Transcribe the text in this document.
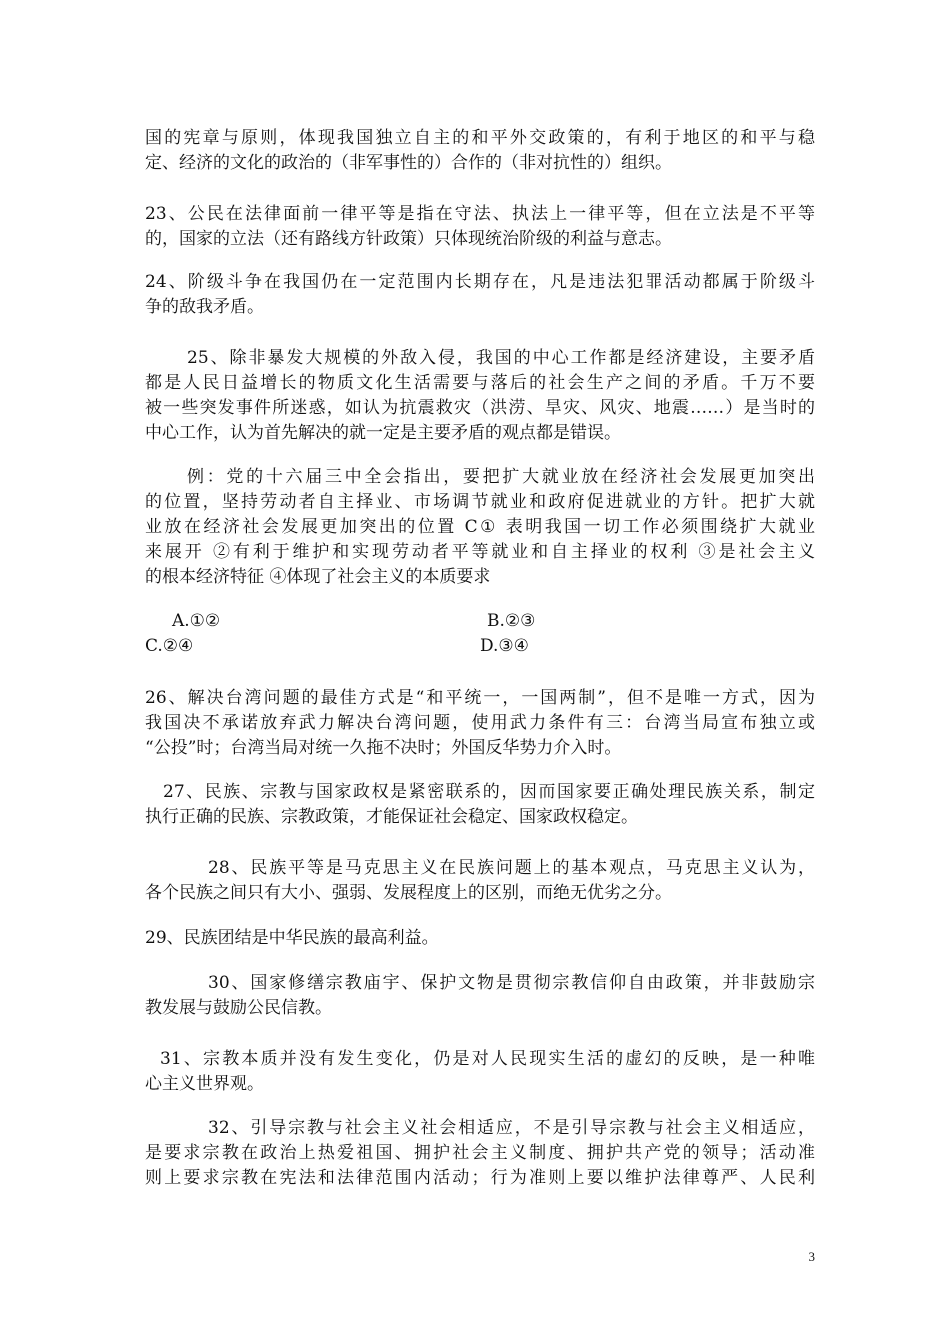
国的宪章与原则，体现我国独立自主的和平外交政策的，有利于地区的和平与稳
定、经济的文化的政治的（非军事性的）合作的（非对抗性的）组织。
23、公民在法律面前一律平等是指在守法、执法上一律平等，但在立法是不平等
的，国家的立法（还有路线方针政策）只体现统治阶级的利益与意志。
24、阶级斗争在我国仍在一定范围内长期存在，凡是违法犯罪活动都属于阶级斗
争的敌我矛盾。
25、除非暴发大规模的外敌入侵，我国的中心工作都是经济建设，主要矛盾
都是人民日益增长的物质文化生活需要与落后的社会生产之间的矛盾。千万不要
被一些突发事件所迷惑，如认为抗震救灾（洪涝、旱灾、风灾、地震……）是当时的
中心工作，认为首先解决的就一定是主要矛盾的观点都是错误。
例：党的十六届三中全会指出，要把扩大就业放在经济社会发展更加突出
的位置，坚持劳动者自主择业、市场调节就业和政府促进就业的方针。把扩大就
业放在经济社会发展更加突出的位置 C① 表明我国一切工作必须围绕扩大就业
来展开 ②有利于维护和实现劳动者平等就业和自主择业的权利 ③是社会主义
的根本经济特征 ④体现了社会主义的本质要求
A.①②	B.②③
C.②④	D.③④
26、解决台湾问题的最佳方式是“和平统一，一国两制”，但不是唯一方式，因为
我国决不承诺放弃武力解决台湾问题，使用武力条件有三：台湾当局宣布独立或
“公投”时；台湾当局对统一久拖不决时；外国反华势力介入时。
27、民族、宗教与国家政权是紧密联系的，因而国家要正确处理民族关系，制定
执行正确的民族、宗教政策，才能保证社会稳定、国家政权稳定。
28、民族平等是马克思主义在民族问题上的基本观点，马克思主义认为，
各个民族之间只有大小、强弱、发展程度上的区别，而绝无优劣之分。
29、民族团结是中华民族的最高利益。
30、国家修缮宗教庙宇、保护文物是贯彻宗教信仰自由政策，并非鼓励宗
教发展与鼓励公民信教。
31、宗教本质并没有发生变化，仍是对人民现实生活的虚幻的反映，是一种唯
心主义世界观。
32、引导宗教与社会主义社会相适应，不是引导宗教与社会主义相适应，
是要求宗教在政治上热爱祖国、拥护社会主义制度、拥护共产党的领导；活动准
则上要求宗教在宪法和法律范围内活动；行为准则上要以维护法律尊严、人民利
3
